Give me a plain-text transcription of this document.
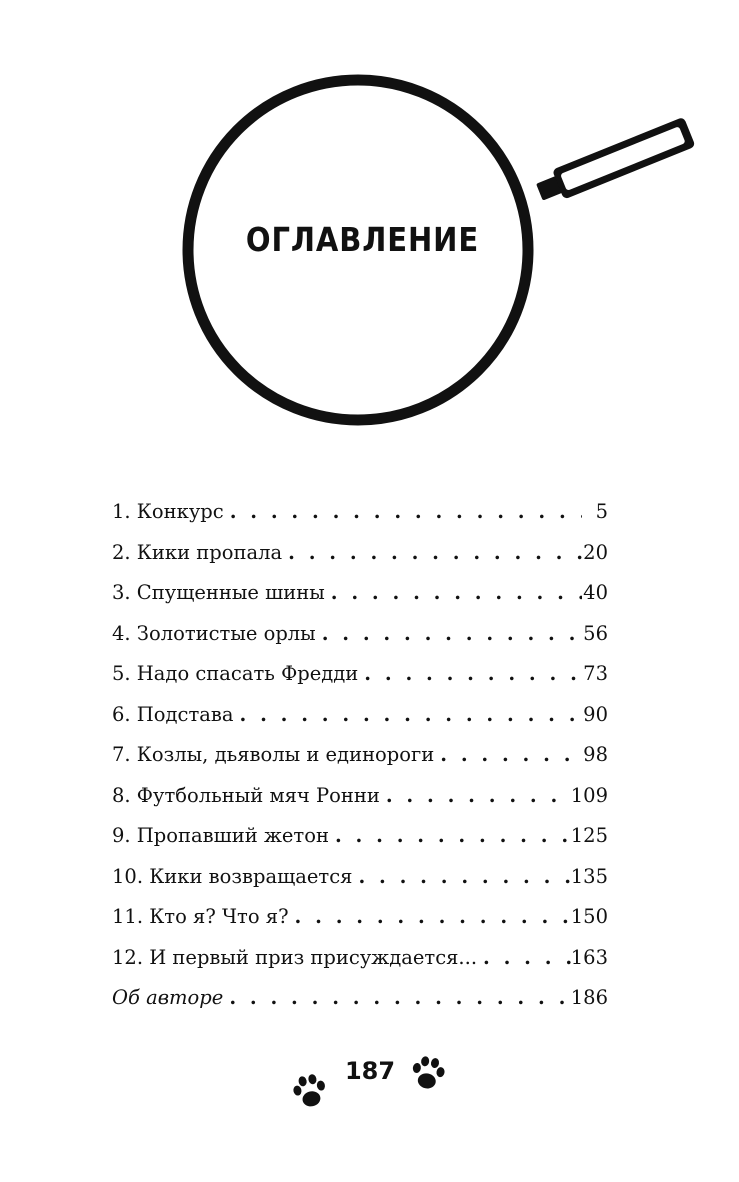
ОГЛАВЛЕНИЕ
1. Конкурс . . .	5
2. Кики пропала . . .	20
3. Спущенные шины . . .	40
4. Золотистые орлы . . .	56
5. Надо спасать Фредди . . .	73
6. Подстава . . .	90
7. Козлы, дьяволы и единороги . . .	98
8. Футбольный мяч Ронни . . .	109
9. Пропавший жетон . . .	125
10. Кики возвращается . . .	135
11. Кто я? Что я? . . .	150
12. И первый приз присуждается... . . .	163
Об авторе . . .	186
187
